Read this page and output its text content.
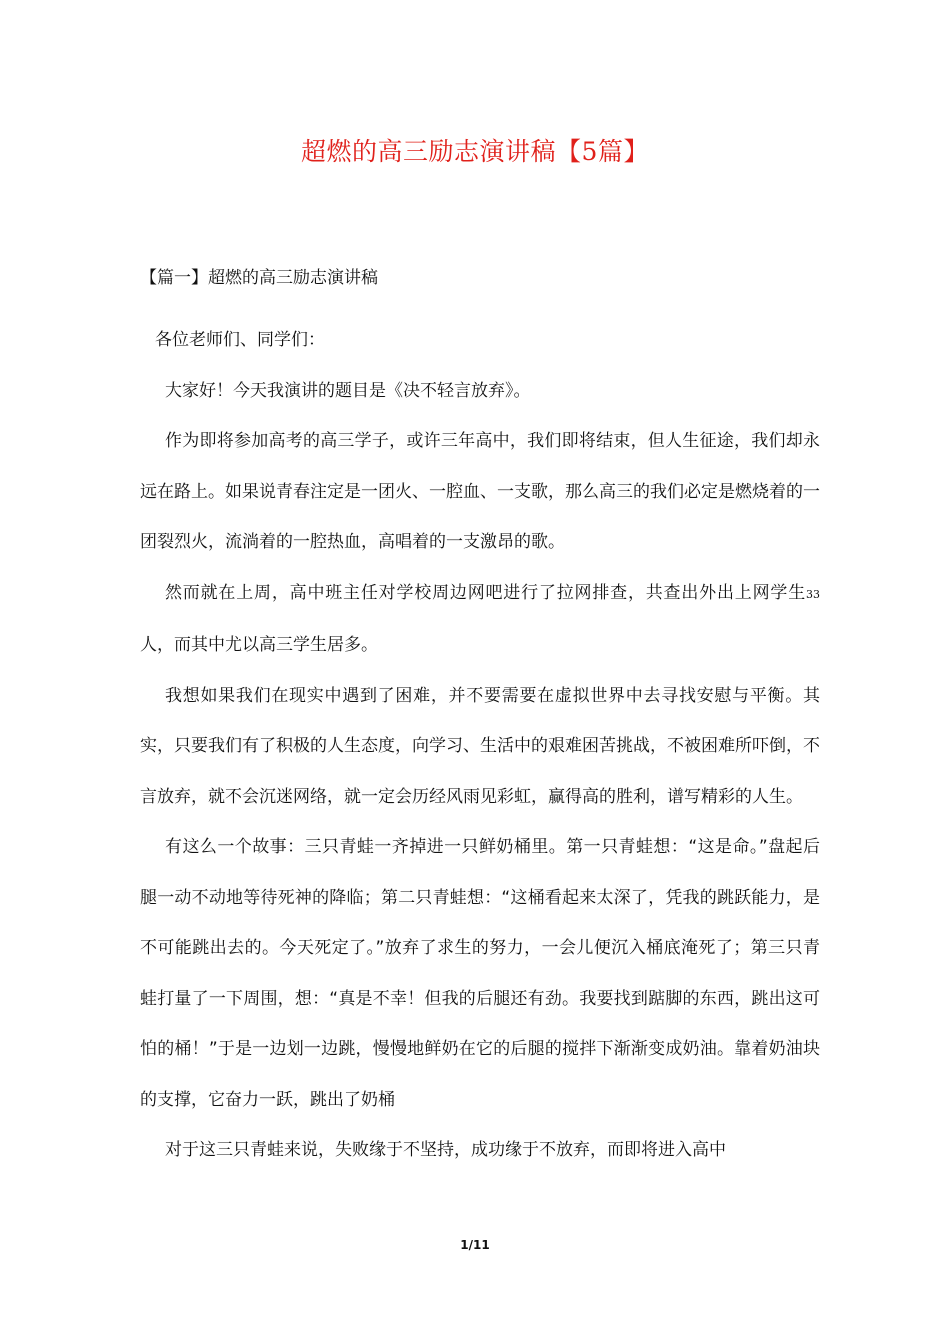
超燃的高三励志演讲稿【5篇】
【篇一】超燃的高三励志演讲稿

各位老师们、同学们：

大家好！今天我演讲的题目是《决不轻言放弃》。

作为即将参加高考的高三学子，或许三年高中，我们即将结束，但人生征途，我们却永远在路上。如果说青春注定是一团火、一腔血、一支歌，那么高三的我们必定是燃烧着的一团裂烈火，流淌着的一腔热血，高唱着的一支激昂的歌。

然而就在上周，高中班主任对学校周边网吧进行了拉网排查，共查出外出上网学生33人，而其中尤以高三学生居多。

我想如果我们在现实中遇到了困难，并不要需要在虚拟世界中去寻找安慰与平衡。其实，只要我们有了积极的人生态度，向学习、生活中的艰难困苦挑战，不被困难所吓倒，不言放弃，就不会沉迷网络，就一定会历经风雨见彩虹，赢得高的胜利，谱写精彩的人生。

有这么一个故事：三只青蛙一齐掉进一只鲜奶桶里。第一只青蛙想：“这是命。”盘起后腿一动不动地等待死神的降临；第二只青蛙想：“这桶看起来太深了，凭我的跳跃能力，是不可能跳出去的。今天死定了。”放弃了求生的努力，一会儿便沉入桶底淹死了；第三只青蛙打量了一下周围，想：“真是不幸！但我的后腿还有劲。我要找到踮脚的东西，跳出这可怕的桶！”于是一边划一边跳，慢慢地鲜奶在它的后腿的搅拌下渐渐变成奶油。靠着奶油块的支撑，它奋力一跃，跳出了奶桶

对于这三只青蛙来说，失败缘于不坚持，成功缘于不放弃，而即将进入高中

1/11
